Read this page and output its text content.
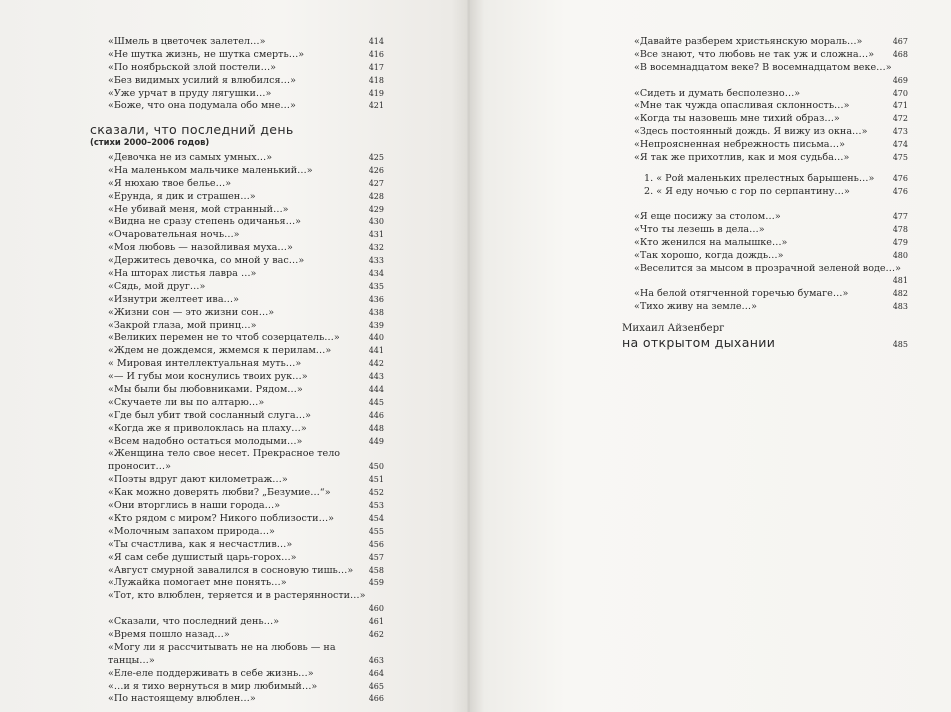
«Шмель в цветочек залетел…»	414
«Не шутка жизнь, не шутка смерть…»	416
«По ноябрьской злой постели…»	417
«Без видимых усилий я влюбился…»	418
«Уже урчат в пруду лягушки…»	419
«Боже, что она подумала обо мне…»	421
сказали, что последний день
(стихи 2000–2006 годов)
«Девочка не из самых умных…»	425
«На маленьком мальчике маленький…»	426
«Я нюхаю твое белье…»	427
«Ерунда, я дик и страшен…»	428
«Не убивай меня, мой странный…»	429
«Видна не сразу степень одичанья…»	430
«Очаровательная ночь…»	431
«Моя любовь — назойливая муха…»	432
«Держитесь девочка, со мной у вас…»	433
«На шторах листья лавра …»	434
«Сядь, мой друг…»	435
«Изнутри желтеет ива…»	436
«Жизни сон — это жизни сон…»	438
«Закрой глаза, мой принц…»	439
«Великих перемен не то чтоб созерцатель…»	440
«Ждем не дождемся, жмемся к перилам…»	441
« Мировая интеллектуальная муть…»	442
«— И губы мои коснулись твоих рук…»	443
«Мы были бы любовниками. Рядом…»	444
«Скучаете ли вы по алтарю…»	445
«Где был убит твой сосланный слуга…»	446
«Когда же я приволоклась на плаху…»	448
«Всем надобно остаться молодыми…»	449
«Женщина тело свое несет. Прекрасное тело проносит…»	450
«Поэты вдруг дают километраж…»	451
«Как можно доверять любви? „Безумие…“»	452
«Они вторглись в наши города…»	453
«Кто рядом с миром? Никого поблизости…»	454
«Молочным запахом природа…»	455
«Ты счастлива, как я несчастлив…»	456
«Я сам себе душистый царь-горох…»	457
«Август смурной завалился в сосновую тишь…»	458
«Лужайка помогает мне понять…»	459
«Тот, кто влюблен, теряется и в растерянности…»
460
«Сказали, что последний день…»	461
«Время пошло назад…»	462
«Могу ли я рассчитывать не на любовь — на танцы…»	463
«Еле-еле поддерживать в себе жизнь…»	464
«…и я тихо вернуться в мир любимый…»	465
«По настоящему влюблен…»	466
«Давайте разберем христьянскую мораль…»	467
«Все знают, что любовь не так уж и сложна…»	468
«В восемнадцатом веке? В восемнадцатом веке…»
469
«Сидеть и думать бесполезно…»	470
«Мне так чужда опасливая склонность…»	471
«Когда ты назовешь мне тихий образ…»	472
«Здесь постоянный дождь. Я вижу из окна…»	473
«Непроясненная небрежность письма…»	474
«Я так же прихотлив, как и моя судьба…»	475
1. « Рой маленьких прелестных барышень…»	476
2. « Я еду ночью с гор по серпантину…»	476
«Я еще посижу за столом…»	477
«Что ты лезешь в дела…»	478
«Кто женился на малышке…»	479
«Так хорошо, когда дождь…»	480
«Веселится за мысом в прозрачной зеленой воде…»
481
«На белой отягченной горечью бумаге…»	482
«Тихо живу на земле…»	483
Михаил Айзенберг
на открытом дыхании	485
